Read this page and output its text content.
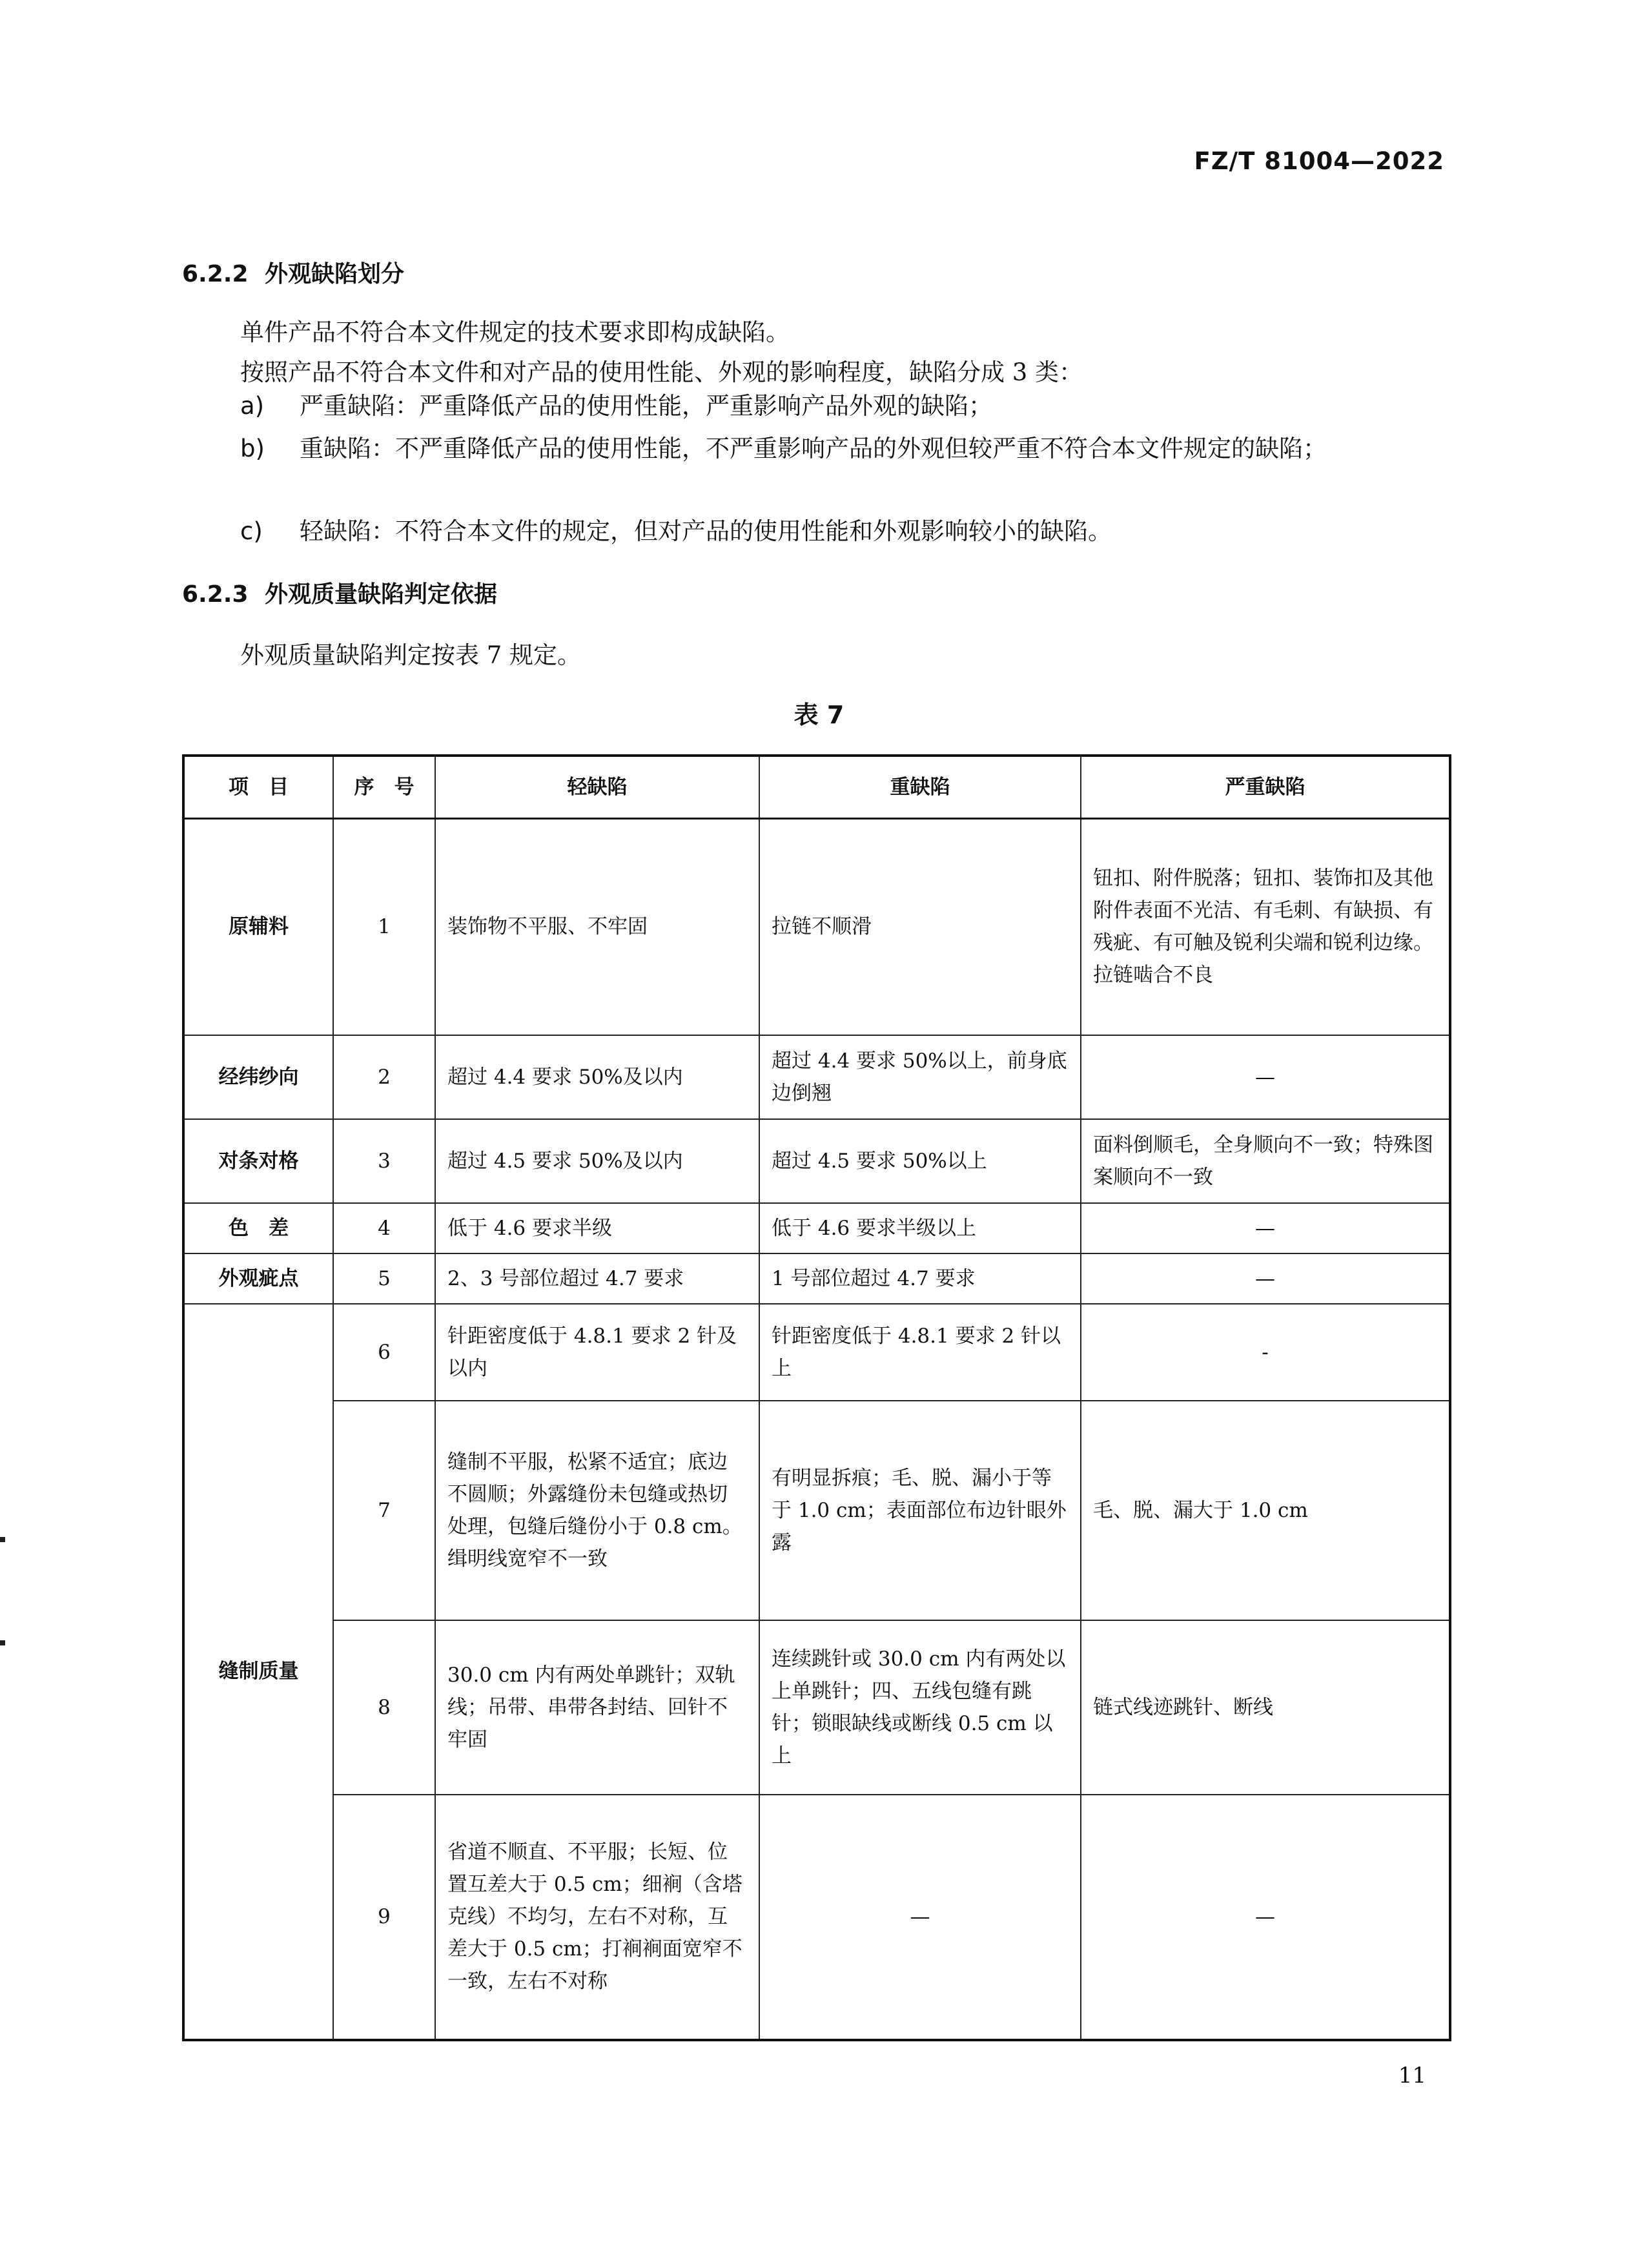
FZ/T 81004—2022
6.2.2 外观缺陷划分
单件产品不符合本文件规定的技术要求即构成缺陷。
按照产品不符合本文件和对产品的使用性能、外观的影响程度，缺陷分成 3 类：
a) 严重缺陷：严重降低产品的使用性能，严重影响产品外观的缺陷；
b) 重缺陷：不严重降低产品的使用性能，不严重影响产品的外观但较严重不符合本文件规定的缺陷；
c) 轻缺陷：不符合本文件的规定，但对产品的使用性能和外观影响较小的缺陷。
6.2.3 外观质量缺陷判定依据
外观质量缺陷判定按表 7 规定。
表 7
项　目	序　号	轻缺陷	重缺陷	严重缺陷
原辅料	1	装饰物不平服、不牢固	拉链不顺滑	钮扣、附件脱落；钮扣、装饰扣及其他附件表面不光洁、有毛刺、有缺损、有残疵、有可触及锐利尖端和锐利边缘。拉链啮合不良
经纬纱向	2	超过 4.4 要求 50%及以内	超过 4.4 要求 50%以上，前身底边倒翘	—
对条对格	3	超过 4.5 要求 50%及以内	超过 4.5 要求 50%以上	面料倒顺毛，全身顺向不一致；特殊图案顺向不一致
色　差	4	低于 4.6 要求半级	低于 4.6 要求半级以上	—
外观疵点	5	2、3 号部位超过 4.7 要求	1 号部位超过 4.7 要求	—
缝制质量	6	针距密度低于 4.8.1 要求 2 针及以内	针距密度低于 4.8.1 要求 2 针以上	-
	7	缝制不平服，松紧不适宜；底边不圆顺；外露缝份未包缝或热切处理，包缝后缝份小于 0.8 cm。缉明线宽窄不一致	有明显拆痕；毛、脱、漏小于等于 1.0 cm；表面部位布边针眼外露	毛、脱、漏大于 1.0 cm
	8	30.0 cm 内有两处单跳针；双轨线；吊带、串带各封结、回针不牢固	连续跳针或 30.0 cm 内有两处以上单跳针；四、五线包缝有跳针；锁眼缺线或断线 0.5 cm 以上	链式线迹跳针、断线
	9	省道不顺直、不平服；长短、位置互差大于 0.5 cm；细裥（含塔克线）不均匀，左右不对称，互差大于 0.5 cm；打裥裥面宽窄不一致，左右不对称	—	—
11
